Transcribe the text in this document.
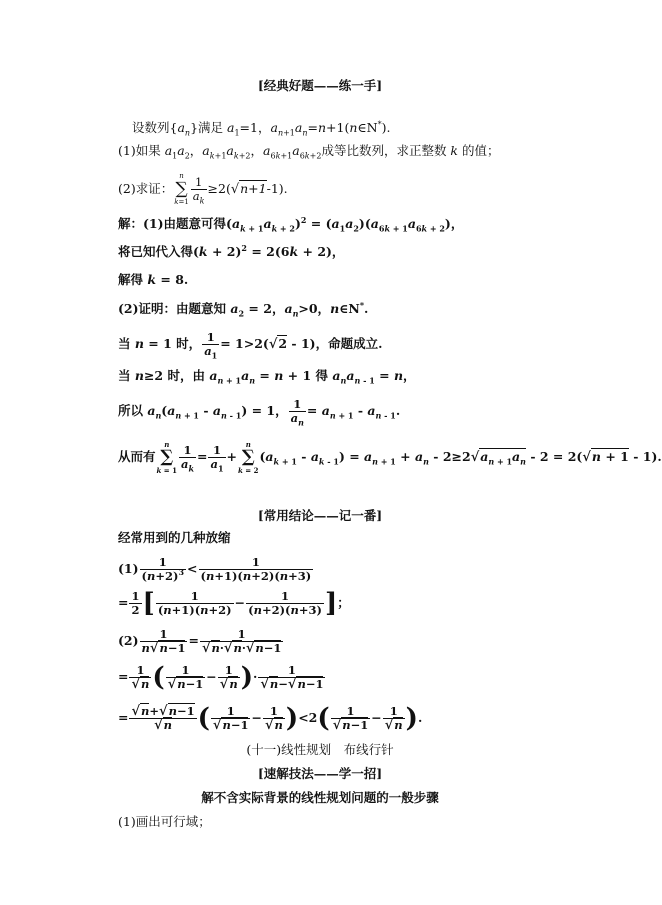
[经典好题——练一手]
设数列$\{a_n\}$满足 $a_1=1$，$a_{n+1}a_n=n+1(n\in N^*)$.
(1)如果 $a_1a_2$，$a_{k+1}a_{k+2}$，$a_{6k+1}a_{6k+2}$成等比数列，求正整数 k 的值；
(2)求证：
n
∑
$k=1 \frac{1}{a_k} \ge 2(√n+1-1)$.
解：(1)由题意可得$(a_{k + 1}a_{k + 2})^2 = (a_1a_2)(a_{6k + 1}a_{6k + 2})$，
将已知代入得$(k + 2)^2 = 2(6k + 2)$，
解得 k = 8.
(2)证明：由题意知 $a_2 = 2$，$a_n>0$，n∈N*.
当 n = 1 时， $\frac{1}{a_1} = 1>2(√2 - 1)$，命题成立.
当 n≥2 时，由 $a_{n + 1}a_n = n + 1$ 得 $a_na_{n - 1} = n$，
所以 $a_n(a_{n + 1} - a_{n - 1}) = 1$， $\frac{1}{a_n} = a_{n + 1} - a_{n - 1}$.
从而有
n
∑
$k = 1 \frac{1}{a_k} = \frac{1}{a_1}$ +
n
∑
k = 2
$(a_{k + 1} - a_{k - 1}) = a_{n + 1} + a_n - 2\ge 2√a_{n + 1}a_n - 2 = 2(√n + 1 - 1)$.
[常用结论——记一番]
经常用到的几种放缩
$(1) \frac{1}{(n+2)^3} < \frac{1}{(n+1)(n+2)(n+3)}$
= $\frac{1}{2}$ [ $\frac{1}{(n+1)(n+2)} - \frac{1}{(n+2)(n+3)}$ ]；
$(2) \frac{1}{n√n-1} = \frac{1}{√n\cdot√n\cdot√n-1}$
= $\frac{1}{√n}$ ( $\frac{1}{√n-1} - \frac{1}{√n}$ )· $\frac{1}{√n-√n-1}$
= $\frac{√n+√n-1}{√n}$ ( $\frac{1}{√n-1} - \frac{1}{√n} )<2( \frac{1}{√n-1} - \frac{1}{√n}$ ).
(十一)线性规划　布线行针
[速解技法——学一招]
解不含实际背景的线性规划问题的一般步骤
(1)画出可行域；
